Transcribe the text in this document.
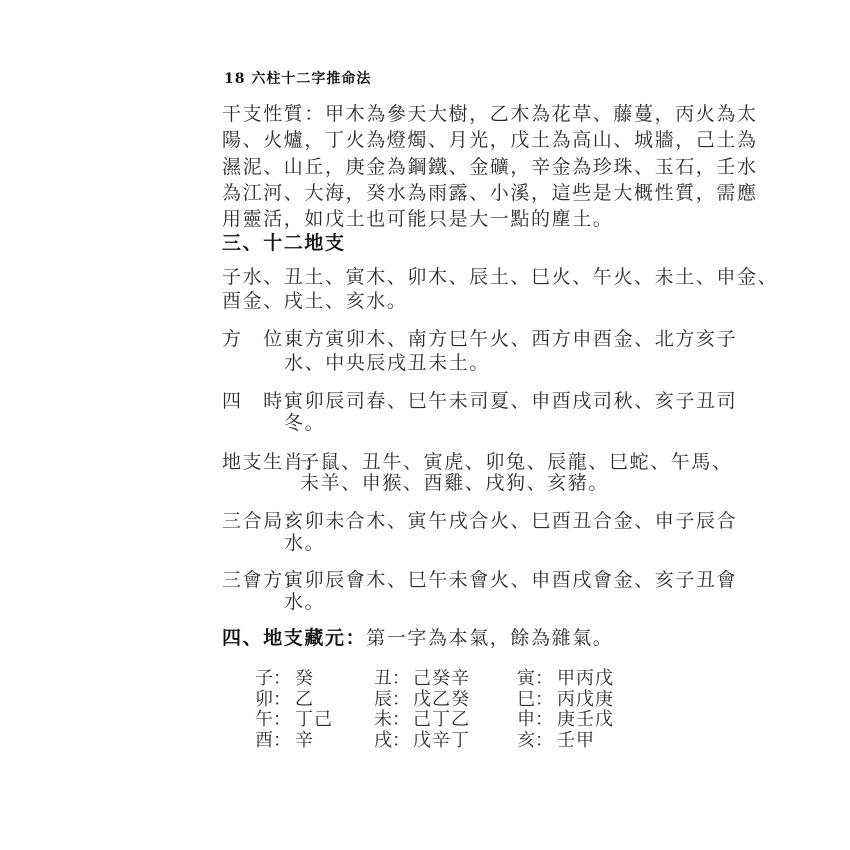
18 六柱十二字推命法
干支性質：甲木為參天大樹，乙木為花草、藤蔓，丙火為太
陽、火爐，丁火為燈燭、月光，戊土為高山、城牆，己土為
濕泥、山丘，庚金為鋼鐵、金礦，辛金為珍珠、玉石，壬水
為江河、大海，癸水為雨露、小溪，這些是大概性質，需應
用靈活，如戊土也可能只是大一點的塵土。
三、十二地支
子水、丑土、寅木、卯木、辰土、巳火、午火、未土、申金、
酉金、戌土、亥水。
方　位：
東方寅卯木、南方巳午火、西方申酉金、北方亥子
水、中央辰戌丑未土。
四　時：
寅卯辰司春、巳午未司夏、申酉戌司秋、亥子丑司
冬。
地支生肖：
子鼠、丑牛、寅虎、卯兔、辰龍、巳蛇、午馬、
未羊、申猴、酉雞、戌狗、亥豬。
三合局：
亥卯未合木、寅午戌合火、巳酉丑合金、申子辰合
水。
三會方：
寅卯辰會木、巳午未會火、申酉戌會金、亥子丑會
水。
四、地支藏元：第一字為本氣，餘為雜氣。
子 ： 癸	丑 ： 己癸辛	寅 ： 甲丙戊
卯 ： 乙	辰 ： 戊乙癸	巳 ： 丙戊庚
午 ： 丁己 未 ： 己丁乙	申 ： 庚壬戊
酉 ： 辛	戌 ： 戊辛丁	亥 ： 壬甲
